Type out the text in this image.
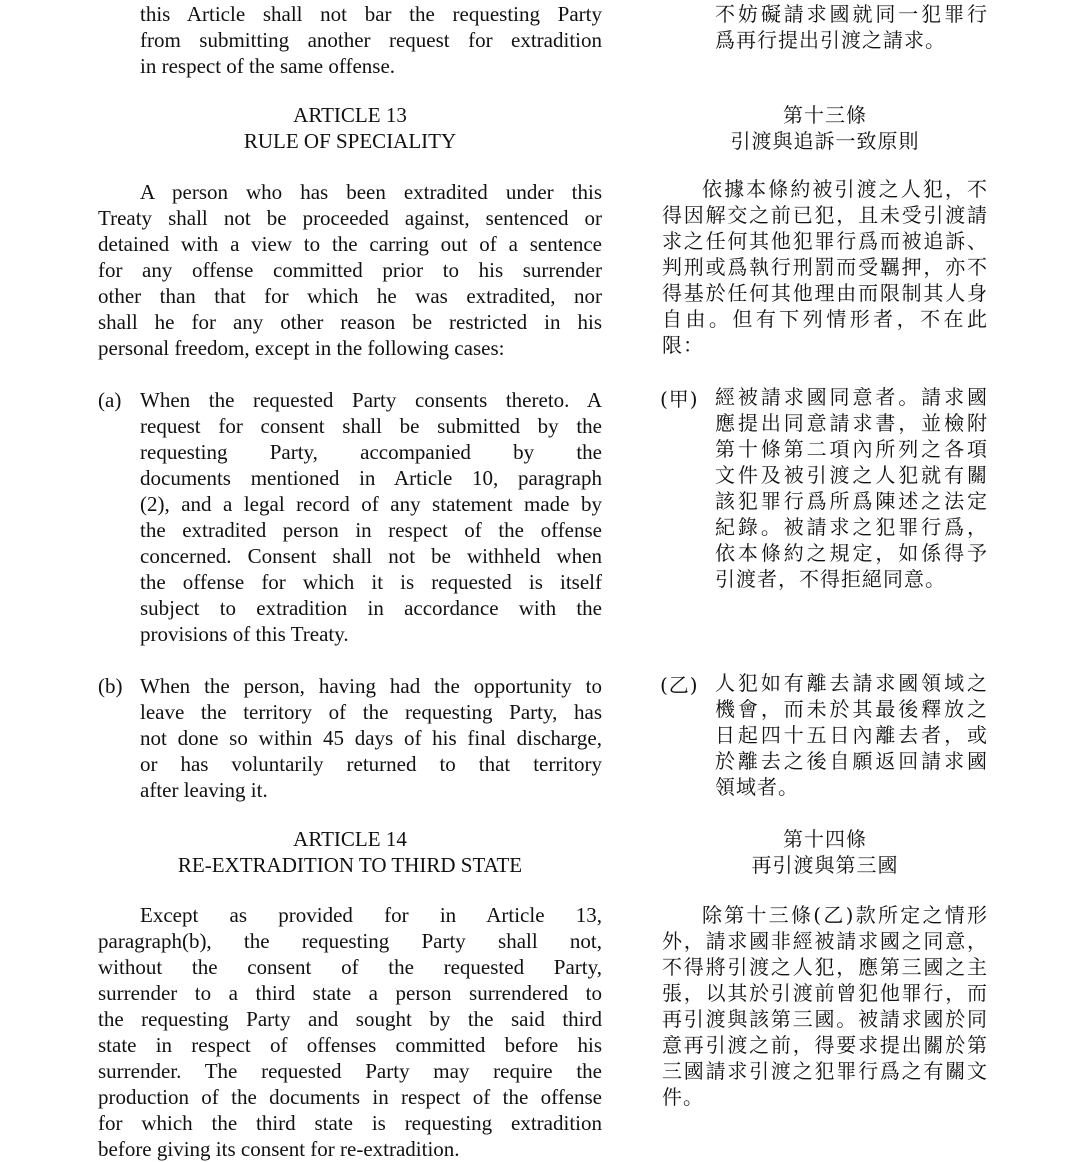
this Article shall not bar the requesting Party
from submitting another request for extradition
in respect of the same offense.
ARTICLE 13
RULE OF SPECIALITY
A person who has been extradited under this
Treaty shall not be proceeded against, sentenced or
detained with a view to the carring out of a sentence
for any offense committed prior to his surrender
other than that for which he was extradited, nor
shall he for any other reason be restricted in his
personal freedom, except in the following cases:
(a) When the requested Party consents thereto. A
request for consent shall be submitted by the
requesting Party, accompanied by the
documents mentioned in Article 10, paragraph
(2), and a legal record of any statement made by
the extradited person in respect of the offense
concerned. Consent shall not be withheld when
the offense for which it is requested is itself
subject to extradition in accordance with the
provisions of this Treaty.
(b) When the person, having had the opportunity to
leave the territory of the requesting Party, has
not done so within 45 days of his final discharge,
or has voluntarily returned to that territory
after leaving it.
ARTICLE 14
RE-EXTRADITION TO THIRD STATE
Except as provided for in Article 13,
paragraph(b), the requesting Party shall not,
without the consent of the requested Party,
surrender to a third state a person surrendered to
the requesting Party and sought by the said third
state in respect of offenses committed before his
surrender. The requested Party may require the
production of the documents in respect of the offense
for which the third state is requesting extradition
before giving its consent for re-extradition.
不妨礙請求國就同一犯罪行
爲再行提出引渡之請求。
第十三條
引渡與追訴一致原則
依據本條約被引渡之人犯，不
得因解交之前已犯，且未受引渡請
求之任何其他犯罪行爲而被追訴、
判刑或爲執行刑罰而受羈押，亦不
得基於任何其他理由而限制其人身
自由。但有下列情形者，不在此
限：
(甲) 經被請求國同意者。請求國
應提出同意請求書，並檢附
第十條第二項內所列之各項
文件及被引渡之人犯就有關
該犯罪行爲所爲陳述之法定
紀錄。被請求之犯罪行爲，
依本條約之規定，如係得予
引渡者，不得拒絕同意。
(乙) 人犯如有離去請求國領域之
機會，而未於其最後釋放之
日起四十五日內離去者，或
於離去之後自願返回請求國
領域者。
第十四條
再引渡與第三國
除第十三條(乙)款所定之情形
外，請求國非經被請求國之同意，
不得將引渡之人犯，應第三國之主
張，以其於引渡前曾犯他罪行，而
再引渡與該第三國。被請求國於同
意再引渡之前，得要求提出關於第
三國請求引渡之犯罪行爲之有關文
件。
